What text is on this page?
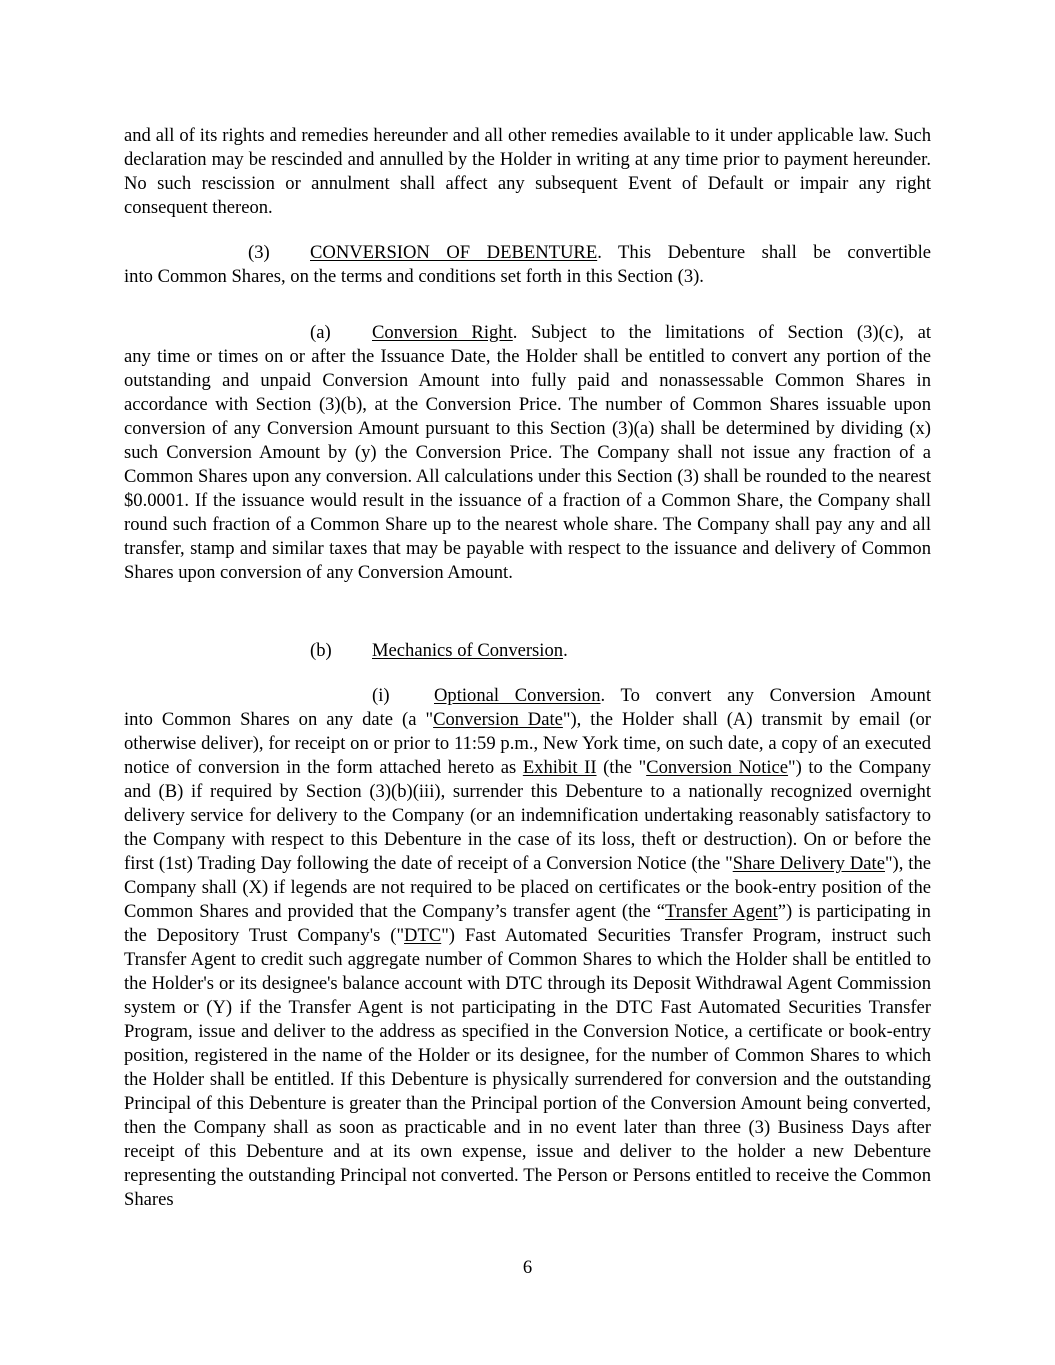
and all of its rights and remedies hereunder and all other remedies available to it under applicable law. Such declaration may be rescinded and annulled by the Holder in writing at any time prior to payment hereunder. No such rescission or annulment shall affect any subsequent Event of Default or impair any right consequent thereon.

(3) CONVERSION OF DEBENTURE. This Debenture shall be convertible
into Common Shares, on the terms and conditions set forth in this Section (3).
(a) Conversion Right. Subject to the limitations of Section (3)(c), at

any time or times on or after the Issuance Date, the Holder shall be entitled to convert any portion of the outstanding and unpaid Conversion Amount into fully paid and nonassessable Common Shares in accordance with Section (3)(b), at the Conversion Price. The number of Common Shares issuable upon conversion of any Conversion Amount pursuant to this Section (3)(a) shall be determined by dividing (x) such Conversion Amount by (y) the Conversion Price. The Company shall not issue any fraction of a Common Shares upon any conversion. All calculations under this Section (3) shall be rounded to the nearest $0.0001. If the issuance would result in the issuance of a fraction of a Common Share, the Company shall round such fraction of a Common Share up to the nearest whole share. The Company shall pay any and all transfer, stamp and similar taxes that may be payable with respect to the issuance and delivery of Common Shares upon conversion of any Conversion Amount.

(b) Mechanics of Conversion.
(i) Optional Conversion. To convert any Conversion Amount

into Common Shares on any date (a "Conversion Date"), the Holder shall (A) transmit by email (or otherwise deliver), for receipt on or prior to 11:59 p.m., New York time, on such date, a copy of an executed notice of conversion in the form attached hereto as Exhibit II (the "Conversion Notice") to the Company and (B) if required by Section (3)(b)(iii), surrender this Debenture to a nationally recognized overnight delivery service for delivery to the Company (or an indemnification undertaking reasonably satisfactory to the Company with respect to this Debenture in the case of its loss, theft or destruction). On or before the first (1st) Trading Day following the date of receipt of a Conversion Notice (the "Share Delivery Date"), the Company shall (X) if legends are not required to be placed on certificates or the book-entry position of the Common Shares and provided that the Company’s transfer agent (the “Transfer Agent”) is participating in the Depository Trust Company's ("DTC") Fast Automated Securities Transfer Program, instruct such Transfer Agent to credit such aggregate number of Common Shares to which the Holder shall be entitled to the Holder's or its designee's balance account with DTC through its Deposit Withdrawal Agent Commission system or (Y) if the Transfer Agent is not participating in the DTC Fast Automated Securities Transfer Program, issue and deliver to the address as specified in the Conversion Notice, a certificate or book-entry position, registered in the name of the Holder or its designee, for the number of Common Shares to which the Holder shall be entitled. If this Debenture is physically surrendered for conversion and the outstanding Principal of this Debenture is greater than the Principal portion of the Conversion Amount being converted, then the Company shall as soon as practicable and in no event later than three (3) Business Days after receipt of this Debenture and at its own expense, issue and deliver to the holder a new Debenture representing the outstanding Principal not converted. The Person or Persons entitled to receive the Common Shares

6
